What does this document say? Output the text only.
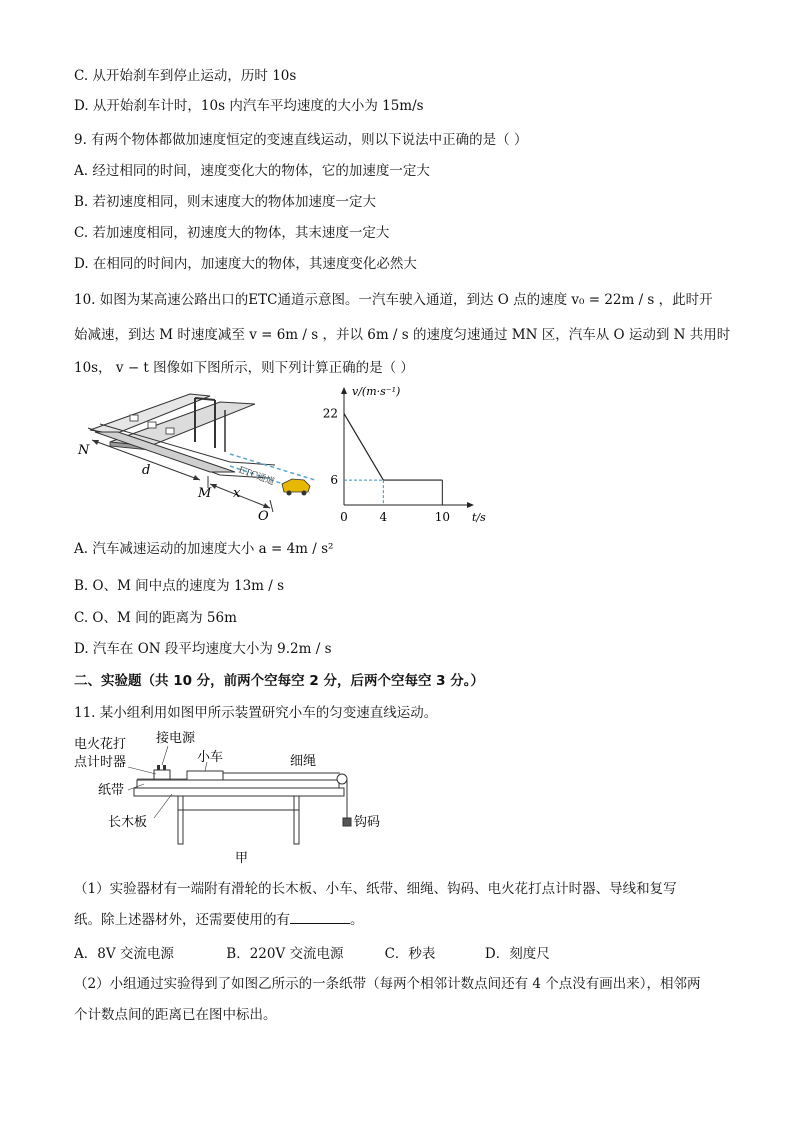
C. 从开始刹车到停止运动，历时 10s
D. 从开始刹车计时，10s 内汽车平均速度的大小为 15m/s
9. 有两个物体都做加速度恒定的变速直线运动，则以下说法中正确的是（ ）
A. 经过相同的时间，速度变化大的物体，它的加速度一定大
B. 若初速度相同，则末速度大的物体加速度一定大
C. 若加速度相同，初速度大的物体，其末速度一定大
D. 在相同的时间内，加速度大的物体，其速度变化必然大
10. 如图为某高速公路出口的ETC通道示意图。一汽车驶入通道，到达 O 点的速度 v₀ = 22m / s ，此时开
始减速，到达 M 时速度减至 v = 6m / s ，并以 6m / s 的速度匀速通过 MN 区，汽车从 O 运动到 N 共用时
10s， v − t 图像如下图所示，则下列计算正确的是（ ）
N
d
M x
O
ETC通道
v/(m·s⁻¹)
t/s
6
22
0	4	10
A. 汽车减速运动的加速度大小 a = 4m / s²
B. O、M 间中点的速度为 13m / s
C. O、M 间的距离为 56m
D. 汽车在 ON 段平均速度大小为 9.2m / s
二、实验题（共 10 分，前两个空每空 2 分，后两个空每空 3 分。）
11. 某小组利用如图甲所示装置研究小车的匀变速直线运动。
电火花打
点计时器
接电源
小车	细绳
纸带
长木板	钩码
甲
（1）实验器材有一端附有滑轮的长木板、小车、纸带、细绳、钩码、电火花打点计时器、导线和复写
纸。除上述器材外，还需要使用的有	。
A．8V 交流电源	B．220V 交流电源	C．秒表	D．刻度尺
（2）小组通过实验得到了如图乙所示的一条纸带（每两个相邻计数点间还有 4 个点没有画出来），相邻两
个计数点间的距离已在图中标出。
